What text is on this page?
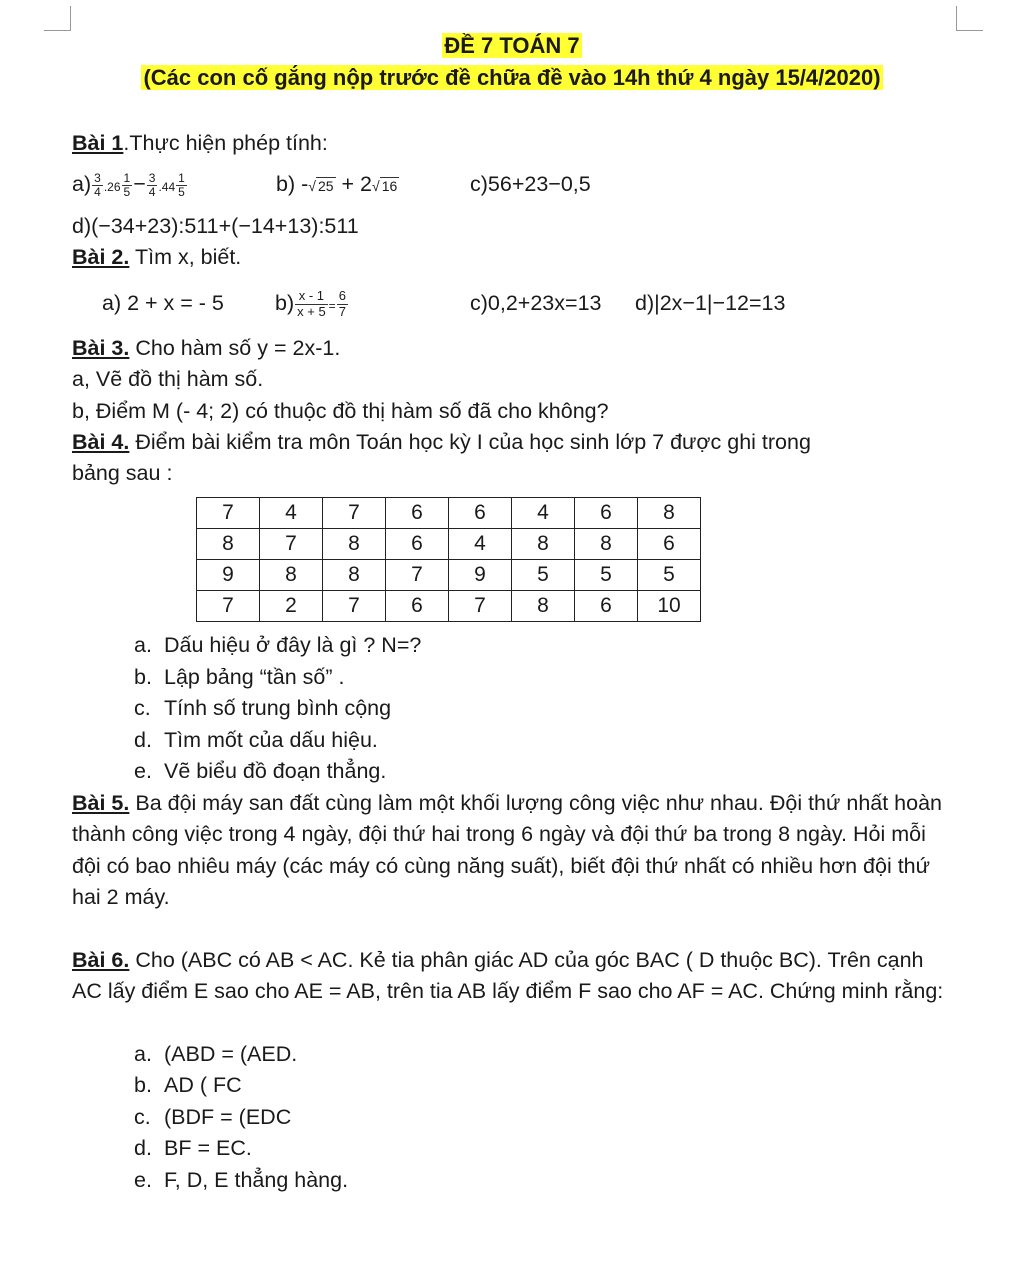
ĐỀ 7 TOÁN 7

(Các con cố gắng nộp trước đề chữa đề vào 14h thứ 4 ngày 15/4/2020)

Bài 1.Thực hiện phép tính:

$a) \frac{3}{4} .26 \frac{1}{5} - \frac{3}{4} .44 \frac{1}{5}$	b) -√ 25 + 2√ 16	c)56+23−0,5

d)(−34+23):511+(−14+13):511

Bài 2. Tìm x, biết.

a) 2 + x = - 5	$b) \frac{x - 1}{x + 5} = \frac{6}{7}$	c)0,2+23x=13	d)|2x−1|−12=13

Bài 3. Cho hàm số y = 2x-1.

a, Vẽ đồ thị hàm số.

b, Điểm M (- 4; 2) có thuộc đồ thị hàm số đã cho không?

Bài 4. Điểm bài kiểm tra môn Toán học kỳ I của học sinh lớp 7 được ghi trong

bảng sau :

7	4	7	6	6	4	6	8
8	7	8	6	4	8	8	6
9	8	8	7	9	5	5	5
7	2	7	6	7	8	6	10
a. Dấu hiệu ở đây là gì ? N=?
b. Lập bảng “tần số” .
c. Tính số trung bình cộng
d. Tìm mốt của dấu hiệu.
e. Vẽ biểu đồ đoạn thẳng.

Bài 5. Ba đội máy san đất cùng làm một khối lượng công việc như nhau. Đội thứ nhất hoàn thành công việc trong 4 ngày, đội thứ hai trong 6 ngày và đội thứ ba trong 8 ngày. Hỏi mỗi đội có bao nhiêu máy (các máy có cùng năng suất), biết đội thứ nhất có nhiều hơn đội thứ hai 2 máy.

Bài 6. Cho (ABC có AB < AC. Kẻ tia phân giác AD của góc BAC ( D thuộc BC). Trên cạnh AC lấy điểm E sao cho AE = AB, trên tia AB lấy điểm F sao cho AF = AC. Chứng minh rằng:

a. (ABD = (AED.
b. AD ( FC
c. (BDF = (EDC
d. BF = EC.
e. F, D, E thẳng hàng.
